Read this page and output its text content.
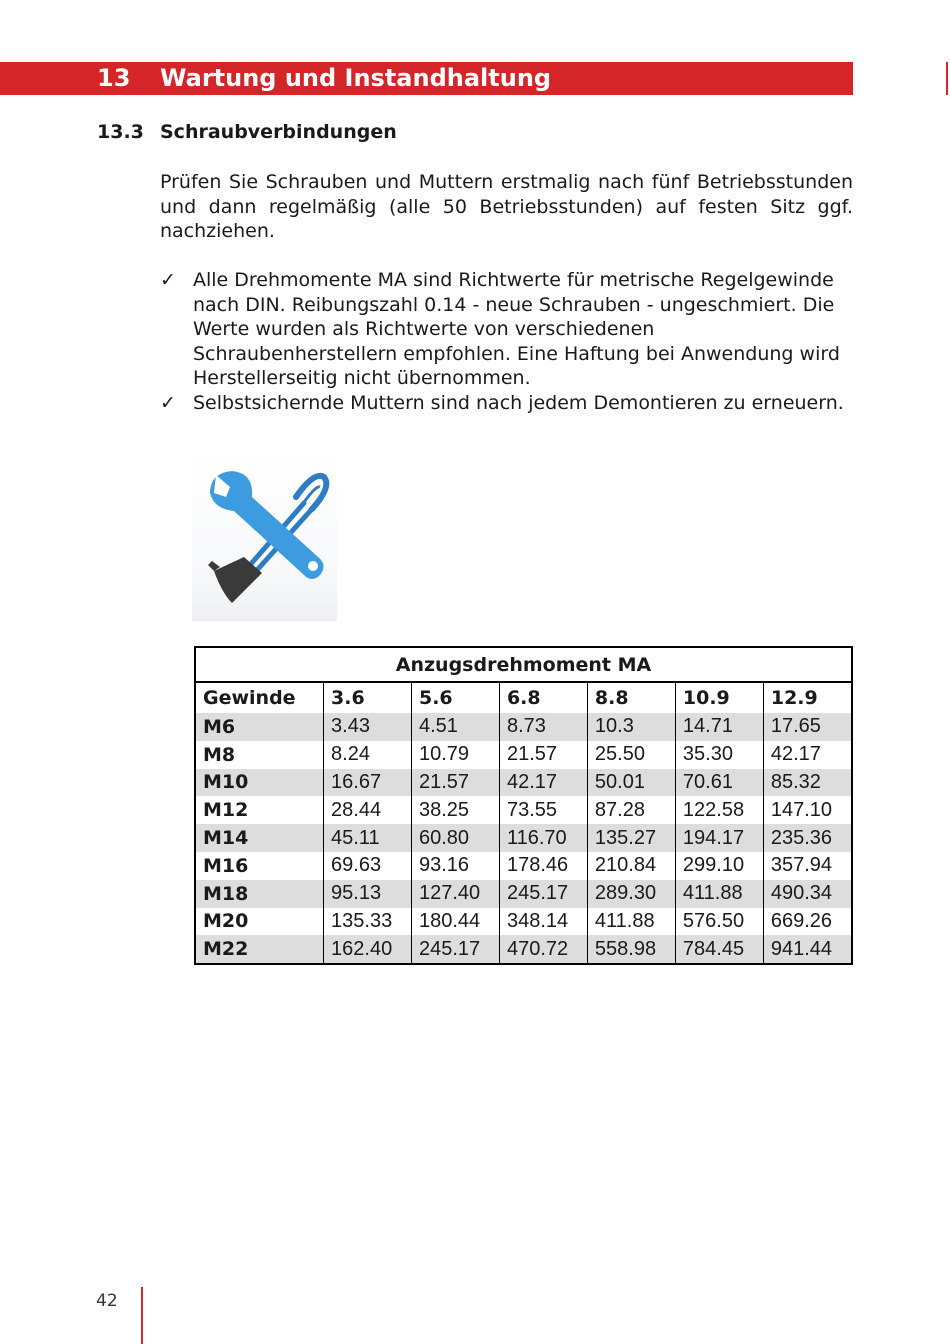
13 Wartung und Instandhaltung
13.3 Schraubverbindungen

Prüfen Sie Schrauben und Muttern erstmalig nach fünf Betriebsstunden und dann regelmäßig (alle 50 Betriebsstunden) auf festen Sitz ggf. nachziehen.

✓ Alle Drehmomente MA sind Richtwerte für metrische Regelgewinde nach DIN. Reibungszahl 0.14 - neue Schrauben - ungeschmiert. Die Werte wurden als Richtwerte von verschiedenen Schraubenherstellern empfohlen. Eine Haftung bei Anwendung wird Herstellerseitig nicht übernommen.
✓ Selbstsichernde Muttern sind nach jedem Demontieren zu erneuern.
Anzugsdrehmoment MA						
Gewinde	3.6	5.6	6.8	8.8	10.9	12.9
M6	3.43	4.51	8.73	10.3	14.71	17.65
M8	8.24	10.79	21.57	25.50	35.30	42.17
M10	16.67	21.57	42.17	50.01	70.61	85.32
M12	28.44	38.25	73.55	87.28	122.58	147.10
M14	45.11	60.80	116.70	135.27	194.17	235.36
M16	69.63	93.16	178.46	210.84	299.10	357.94
M18	95.13	127.40	245.17	289.30	411.88	490.34
M20	135.33	180.44	348.14	411.88	576.50	669.26
M22	162.40	245.17	470.72	558.98	784.45	941.44
42
